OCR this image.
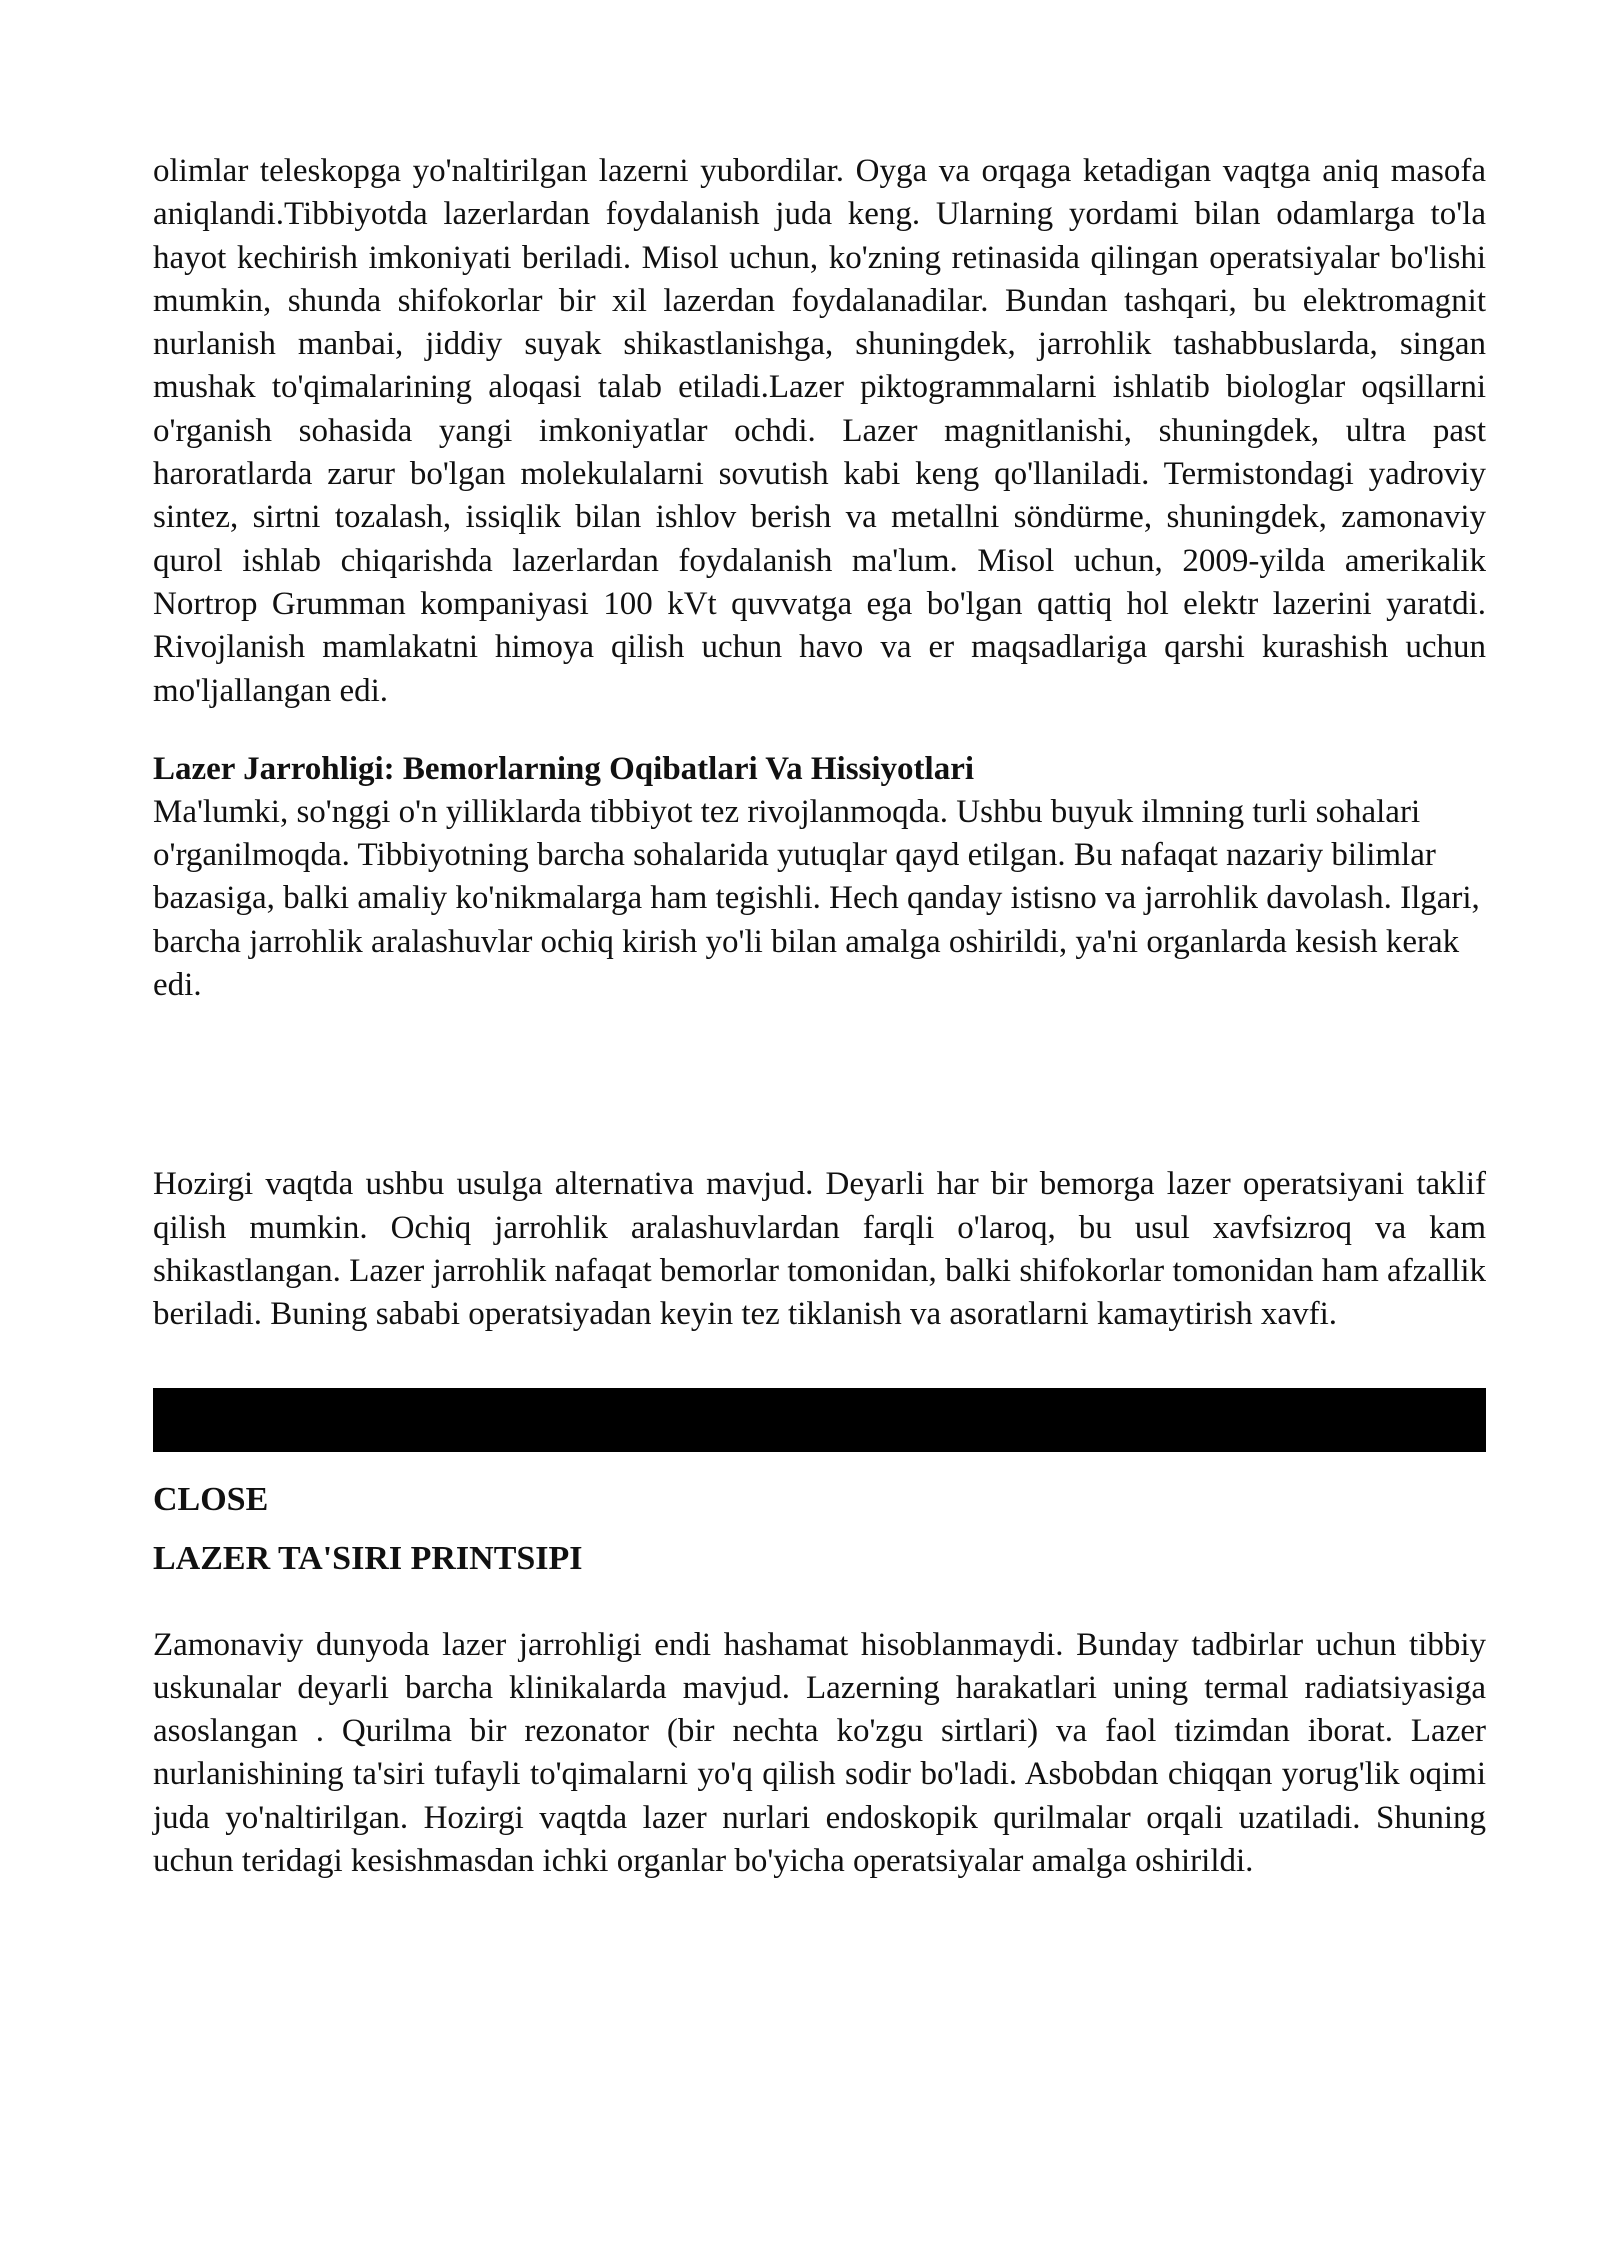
olimlar teleskopga yo'naltirilgan lazerni yubordilar. Oyga va orqaga ketadigan vaqtga aniq masofa aniqlandi.Tibbiyotda lazerlardan foydalanish juda keng. Ularning yordami bilan odamlarga to'la hayot kechirish imkoniyati beriladi. Misol uchun, ko'zning retinasida qilingan operatsiyalar bo'lishi mumkin, shunda shifokorlar bir xil lazerdan foydalanadilar. Bundan tashqari, bu elektromagnit nurlanish manbai, jiddiy suyak shikastlanishga, shuningdek, jarrohlik tashabbuslarda, singan mushak to'qimalarining aloqasi talab etiladi.Lazer piktogrammalarni ishlatib biologlar oqsillarni o'rganish sohasida yangi imkoniyatlar ochdi. Lazer magnitlanishi, shuningdek, ultra past haroratlarda zarur bo'lgan molekulalarni sovutish kabi keng qo'llaniladi. Termistondagi yadroviy sintez, sirtni tozalash, issiqlik bilan ishlov berish va metallni söndürme, shuningdek, zamonaviy qurol ishlab chiqarishda lazerlardan foydalanish ma'lum. Misol uchun, 2009-yilda amerikalik Nortrop Grumman kompaniyasi 100 kVt quvvatga ega bo'lgan qattiq hol elektr lazerini yaratdi. Rivojlanish mamlakatni himoya qilish uchun havo va er maqsadlariga qarshi kurashish uchun mo'ljallangan edi.

Lazer Jarrohligi: Bemorlarning Oqibatlari Va Hissiyotlari

Ma'lumki, so'nggi o'n yilliklarda tibbiyot tez rivojlanmoqda. Ushbu buyuk ilmning turli sohalari o'rganilmoqda. Tibbiyotning barcha sohalarida yutuqlar qayd etilgan. Bu nafaqat nazariy bilimlar bazasiga, balki amaliy ko'nikmalarga ham tegishli. Hech qanday istisno va jarrohlik davolash. Ilgari, barcha jarrohlik aralashuvlar ochiq kirish yo'li bilan amalga oshirildi, ya'ni organlarda kesish kerak edi.

Hozirgi vaqtda ushbu usulga alternativa mavjud. Deyarli har bir bemorga lazer operatsiyani taklif qilish mumkin. Ochiq jarrohlik aralashuvlardan farqli o'laroq, bu usul xavfsizroq va kam shikastlangan. Lazer jarrohlik nafaqat bemorlar tomonidan, balki shifokorlar tomonidan ham afzallik beriladi. Buning sababi operatsiyadan keyin tez tiklanish va asoratlarni kamaytirish xavfi.

CLOSE
LAZER TA'SIRI PRINTSIPI

Zamonaviy dunyoda lazer jarrohligi endi hashamat hisoblanmaydi. Bunday tadbirlar uchun tibbiy uskunalar deyarli barcha klinikalarda mavjud. Lazerning harakatlari uning termal radiatsiyasiga asoslangan . Qurilma bir rezonator (bir nechta ko'zgu sirtlari) va faol tizimdan iborat. Lazer nurlanishining ta'siri tufayli to'qimalarni yo'q qilish sodir bo'ladi. Asbobdan chiqqan yorug'lik oqimi juda yo'naltirilgan. Hozirgi vaqtda lazer nurlari endoskopik qurilmalar orqali uzatiladi. Shuning uchun teridagi kesishmasdan ichki organlar bo'yicha operatsiyalar amalga oshirildi.
